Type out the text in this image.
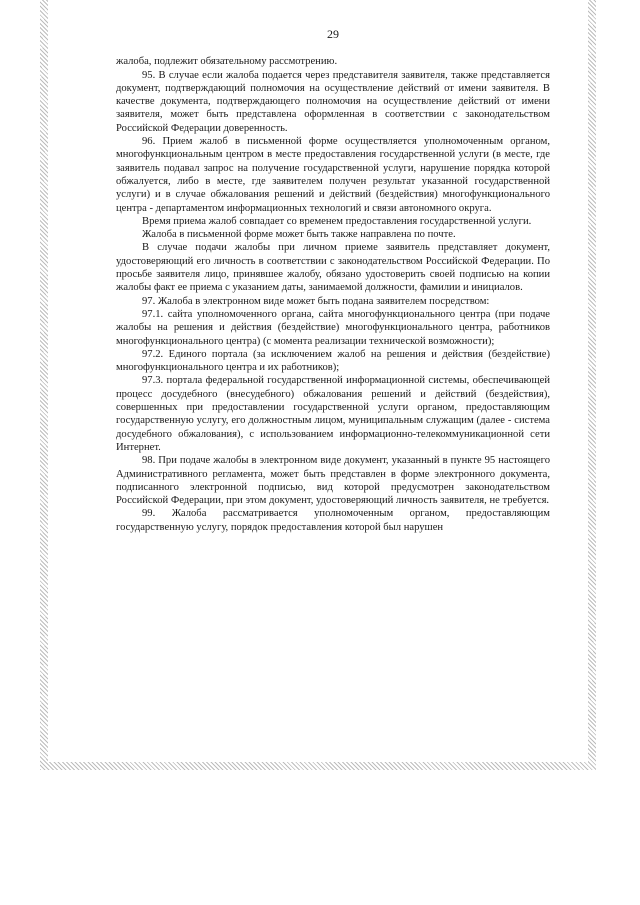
29

жалоба, подлежит обязательному рассмотрению.

95. В случае если жалоба подается через представителя заявителя, также представляется документ, подтверждающий полномочия на осуществление действий от имени заявителя. В качестве документа, подтверждающего полномочия на осуществление действий от имени заявителя, может быть представлена оформленная в соответствии с законодательством Российской Федерации доверенность.

96. Прием жалоб в письменной форме осуществляется уполномоченным органом, многофункциональным центром в месте предоставления государственной услуги (в месте, где заявитель подавал запрос на получение государственной услуги, нарушение порядка которой обжалуется, либо в месте, где заявителем получен результат указанной государственной услуги) и в случае обжалования решений и действий (бездействия) многофункционального центра - департаментом информационных технологий и связи автономного округа.

Время приема жалоб совпадает со временем предоставления государственной услуги.

Жалоба в письменной форме может быть также направлена по почте.

В случае подачи жалобы при личном приеме заявитель представляет документ, удостоверяющий его личность в соответствии с законодательством Российской Федерации. По просьбе заявителя лицо, принявшее жалобу, обязано удостоверить своей подписью на копии жалобы факт ее приема с указанием даты, занимаемой должности, фамилии и инициалов.

97. Жалоба в электронном виде может быть подана заявителем посредством:

97.1. сайта уполномоченного органа, сайта многофункционального центра (при подаче жалобы на решения и действия (бездействие) многофункционального центра, работников многофункционального центра) (с момента реализации технической возможности);

97.2. Единого портала (за исключением жалоб на решения и действия (бездействие) многофункционального центра и их работников);

97.3. портала федеральной государственной информационной системы, обеспечивающей процесс досудебного (внесудебного) обжалования решений и действий (бездействия), совершенных при предоставлении государственной услуги органом, предоставляющим государственную услугу, его должностным лицом, муниципальным служащим (далее - система досудебного обжалования), с использованием информационно-телекоммуникационной сети Интернет.

98. При подаче жалобы в электронном виде документ, указанный в пункте 95 настоящего Административного регламента, может быть представлен в форме электронного документа, подписанного электронной подписью, вид которой предусмотрен законодательством Российской Федерации, при этом документ, удостоверяющий личность заявителя, не требуется.

99. Жалоба рассматривается уполномоченным органом, предоставляющим государственную услугу, порядок предоставления которой был нарушен
